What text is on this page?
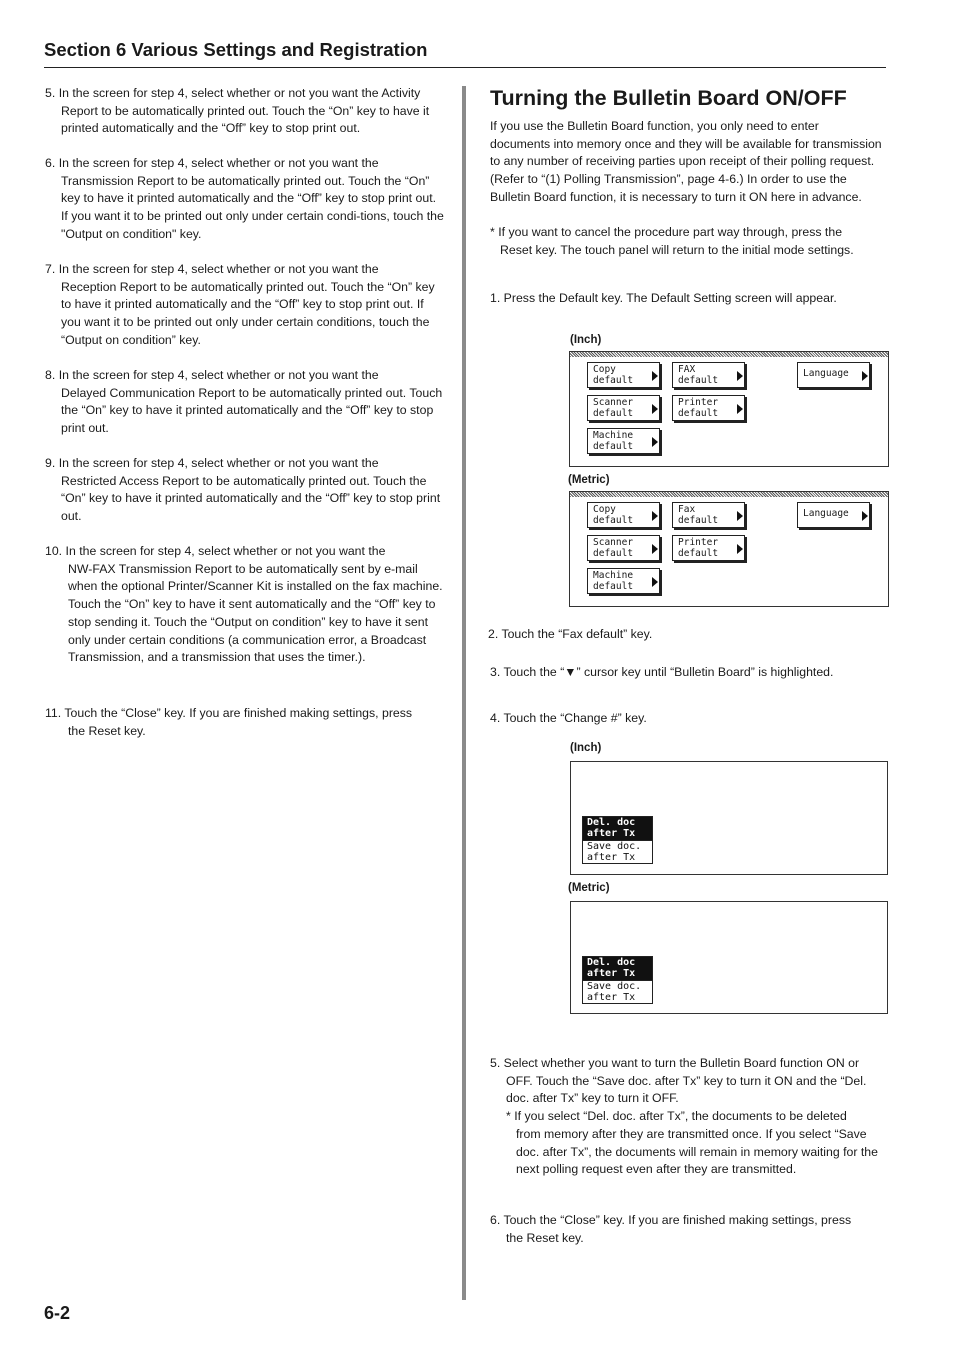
Section 6 Various Settings and Registration
5. In the screen for step 4, select whether or not you want the Activity
Report to be automatically printed out. Touch the “On” key to have it printed automatically and the “Off” key to stop print out.
6. In the screen for step 4, select whether or not you want the
Transmission Report to be automatically printed out. Touch the “On” key to have it printed automatically and the “Off” key to stop print out. If you want it to be printed out only under certain condi-tions, touch the "Output on condition" key.
7. In the screen for step 4, select whether or not you want the
Reception Report to be automatically printed out. Touch the “On” key to have it printed automatically and the “Off” key to stop print out. If you want it to be printed out only under certain conditions, touch the “Output on condition” key.
8. In the screen for step 4, select whether or not you want the
Delayed Communication Report to be automatically printed out. Touch the “On” key to have it printed automatically and the “Off” key to stop print out.
9. In the screen for step 4, select whether or not you want the
Restricted Access Report to be automatically printed out. Touch the “On” key to have it printed automatically and the “Off” key to stop print out.
10. In the screen for step 4, select whether or not you want the
NW-FAX Transmission Report to be automatically sent by e-mail when the optional Printer/Scanner Kit is installed on the fax machine. Touch the “On” key to have it sent automatically and the “Off” key to stop sending it. Touch the “Output on condition” key to have it sent only under certain conditions (a communication error, a Broadcast Transmission, and a transmission that uses the timer.).
11. Touch the “Close” key. If you are finished making settings, press
the Reset key.
Turning the Bulletin Board ON/OFF
If you use the Bulletin Board function, you only need to enter documents into memory once and they will be available for transmission to any number of receiving parties upon receipt of their polling request. (Refer to “(1) Polling Transmission”, page 4-6.) In order to use the Bulletin Board function, it is necessary to turn it ON here in advance.
* If you want to cancel the procedure part way through, press the
Reset key. The touch panel will return to the initial mode settings.
1. Press the Default key. The Default Setting screen will appear.
(Inch)
Copy
default
FAX
default
Language
Scanner
default
Printer
default
Machine
default
(Metric)
Copy
default
Fax
default
Language
Scanner
default
Printer
default
Machine
default
2. Touch the “Fax default” key.
3. Touch the “▼” cursor key until “Bulletin Board” is highlighted.
4. Touch the “Change #” key.
(Inch)
Del. doc
after Tx
Save doc.
after Tx
(Metric)
Del. doc
after Tx
Save doc.
after Tx
5. Select whether you want to turn the Bulletin Board function ON or
OFF. Touch the “Save doc. after Tx” key to turn it ON and the “Del. doc. after Tx” key to turn it OFF.
* If you select “Del. doc. after Tx”, the documents to be deleted
from memory after they are transmitted once. If you select “Save doc. after Tx”, the documents will remain in memory waiting for the next polling request even after they are transmitted.
6. Touch the “Close” key. If you are finished making settings, press
the Reset key.
6-2
